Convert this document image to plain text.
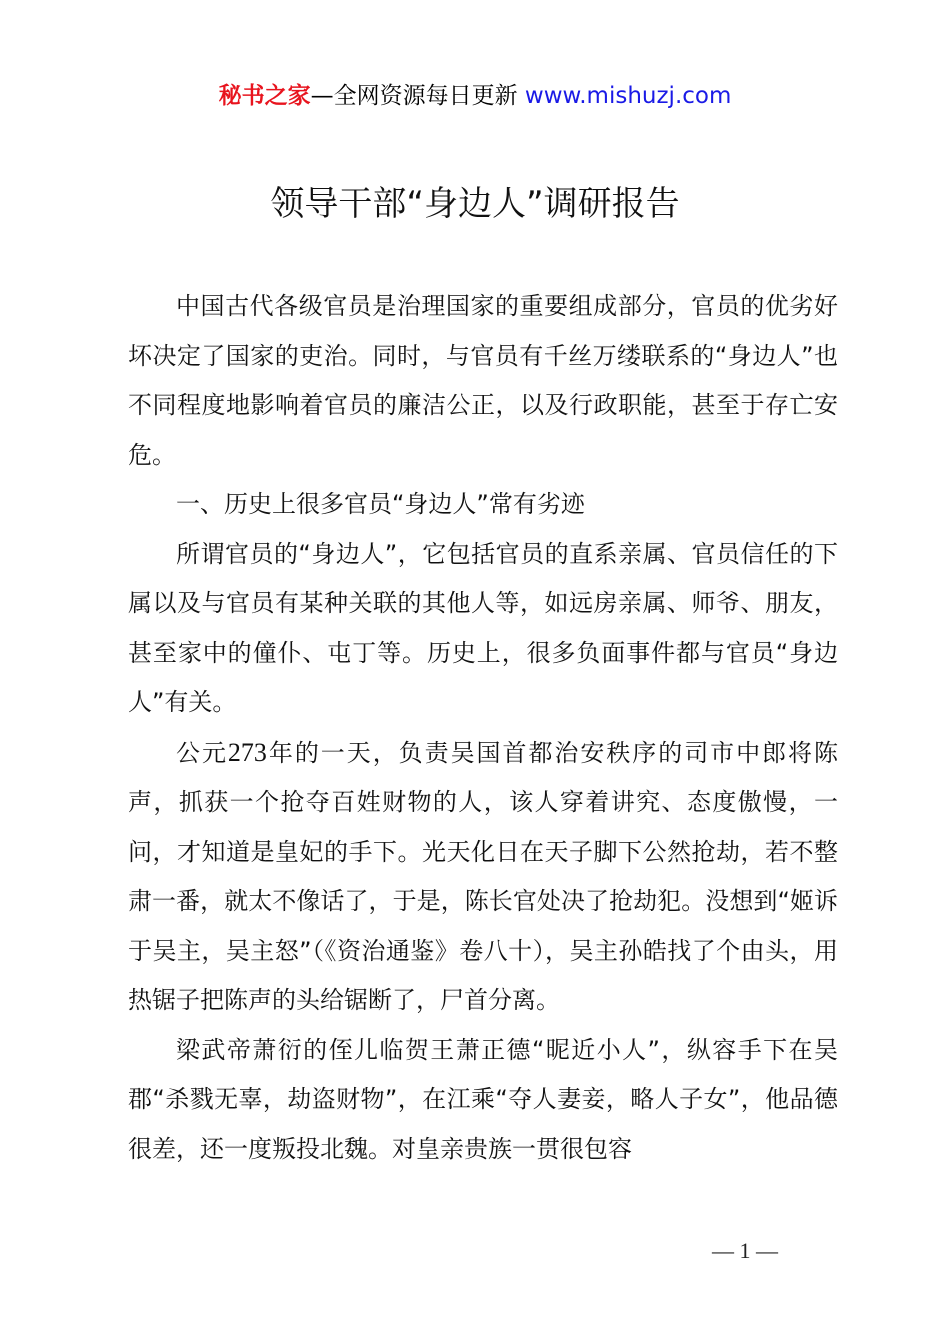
秘书之家—全网资源每日更新 www.mishuzj.com
领导干部“身边人”调研报告

中国古代各级官员是治理国家的重要组成部分，官员的优劣好坏决定了国家的吏治。同时，与官员有千丝万缕联系的“身边人”也不同程度地影响着官员的廉洁公正，以及行政职能，甚至于存亡安危。

一、历史上很多官员“身边人”常有劣迹

所谓官员的“身边人”，它包括官员的直系亲属、官员信任的下属以及与官员有某种关联的其他人等，如远房亲属、师爷、朋友，甚至家中的僮仆、屯丁等。历史上，很多负面事件都与官员“身边人”有关。

公元273年的一天，负责吴国首都治安秩序的司市中郎将陈声，抓获一个抢夺百姓财物的人，该人穿着讲究、态度傲慢，一问，才知道是皇妃的手下。光天化日在天子脚下公然抢劫，若不整肃一番，就太不像话了，于是，陈长官处决了抢劫犯。没想到“姬诉于吴主，吴主怒”（《资治通鉴》卷八十），吴主孙皓找了个由头，用热锯子把陈声的头给锯断了，尸首分离。

梁武帝萧衍的侄儿临贺王萧正德“昵近小人”，纵容手下在吴郡“杀戮无辜，劫盗财物”，在江乘“夺人妻妾，略人子女”，他品德很差，还一度叛投北魏。对皇亲贵族一贯很包容

— 1 —
